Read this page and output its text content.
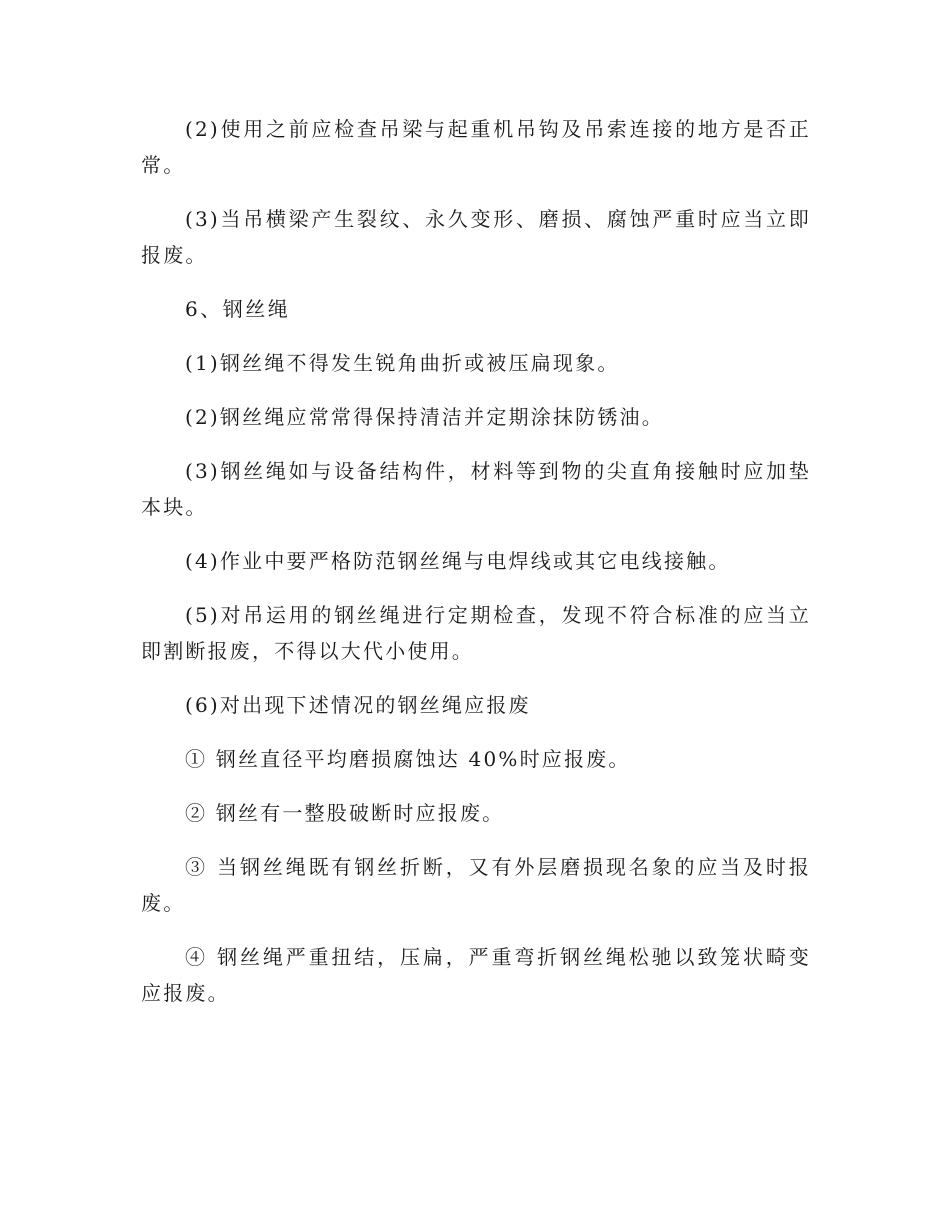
(2)使用之前应检查吊梁与起重机吊钩及吊索连接的地方是否正常。

(3)当吊横梁产生裂纹、永久变形、磨损、腐蚀严重时应当立即报废。

6、钢丝绳

(1)钢丝绳不得发生锐角曲折或被压扁现象。

(2)钢丝绳应常常得保持清洁并定期涂抹防锈油。

(3)钢丝绳如与设备结构件，材料等到物的尖直角接触时应加垫本块。

(4)作业中要严格防范钢丝绳与电焊线或其它电线接触。

(5)对吊运用的钢丝绳进行定期检查，发现不符合标准的应当立即割断报废，不得以大代小使用。

(6)对出现下述情况的钢丝绳应报废

① 钢丝直径平均磨损腐蚀达 40%时应报废。

② 钢丝有一整股破断时应报废。

③ 当钢丝绳既有钢丝折断，又有外层磨损现名象的应当及时报废。

④ 钢丝绳严重扭结，压扁，严重弯折钢丝绳松驰以致笼状畸变应报废。
